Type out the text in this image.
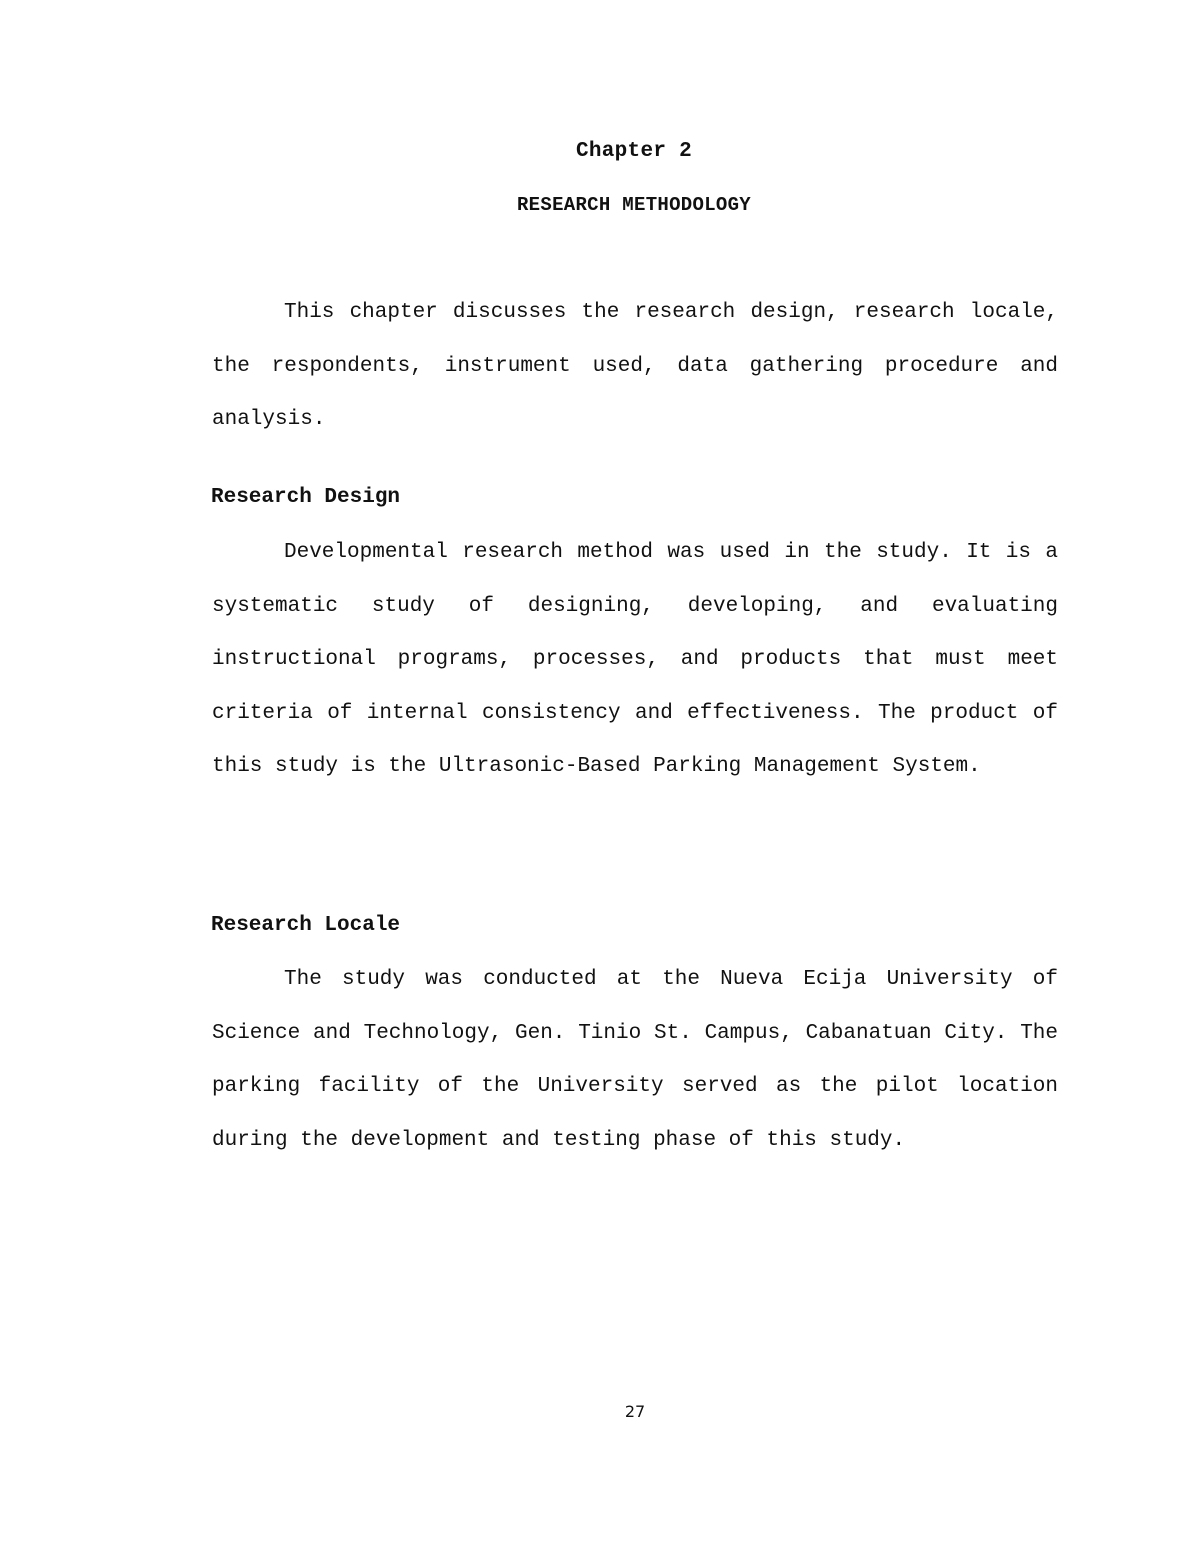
Chapter 2
RESEARCH METHODOLOGY

This chapter discusses the research design, research locale, the respondents, instrument used, data gathering procedure and analysis.

Research Design

Developmental research method was used in the study. It is a systematic study of designing, developing, and evaluating instructional programs, processes, and products that must meet criteria of internal consistency and effectiveness. The product of this study is the Ultrasonic-Based Parking Management System.

Research Locale

The study was conducted at the Nueva Ecija University of Science and Technology, Gen. Tinio St. Campus, Cabanatuan City. The parking facility of the University served as the pilot location during the development and testing phase of this study.

27
